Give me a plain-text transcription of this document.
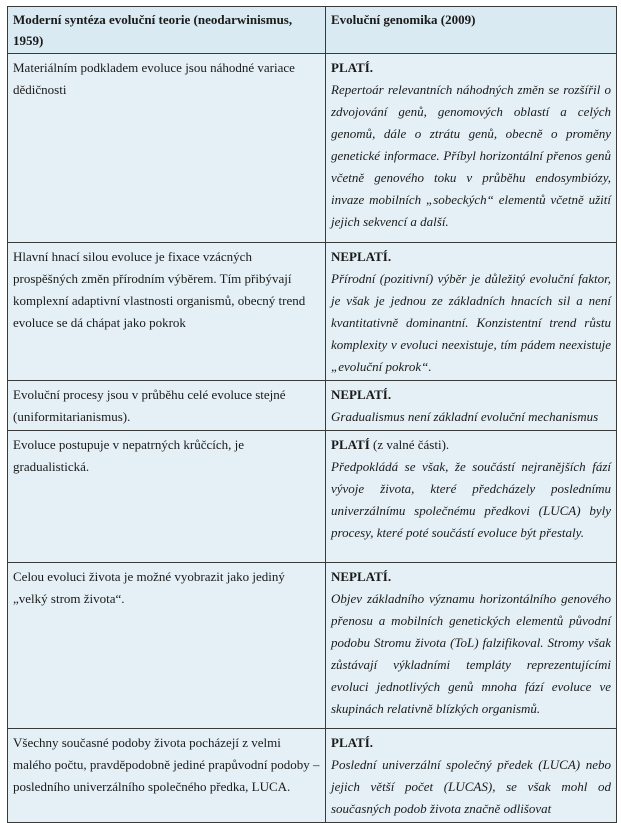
Moderní syntéza evoluční teorie (neodarwinismus, 1959)	Evoluční genomika (2009)
Materiálním podkladem evoluce jsou náhodné variace dědičnosti	PLATÍ.
Repertoár relevantních náhodných změn se rozšířil o zdvojování genů, genomových oblastí a celých genomů, dále o ztrátu genů, obecně o proměny genetické informace. Příbyl horizontální přenos genů včetně genového toku v průběhu endosymbiózy, invaze mobilních „sobeckých“ elementů včetně užití jejich sekvencí a další.

Hlavní hnací silou evoluce je fixace vzácných prospěšných změn přírodním výběrem. Tím přibývají komplexní adaptivní vlastnosti organismů, obecný trend evoluce se dá chápat jako pokrok	NEPLATÍ.
Přírodní (pozitivní) výběr je důležitý evoluční faktor, je však je jednou ze základních hnacích sil a není kvantitativně dominantní. Konzistentní trend růstu komplexity v evoluci neexistuje, tím pádem neexistuje „evoluční pokrok“.

Evoluční procesy jsou v průběhu celé evoluce stejné (uniformitarianismus).	NEPLATÍ.
Gradualismus není základní evoluční mechanismus

Evoluce postupuje v nepatrných krůčcích, je gradualistická.	PLATÍ (z valné části).
Předpokládá se však, že součástí nejranějších fází vývoje života, které předcházely poslednímu univerzálnímu společnému předkovi (LUCA) byly procesy, které poté součástí evoluce být přestaly.

Celou evoluci života je možné vyobrazit jako jediný „velký strom života“.	NEPLATÍ.
Objev základního významu horizontálního genového přenosu a mobilních genetických elementů původní podobu Stromu života (ToL) falzifikoval. Stromy však zůstávají výkladními templáty reprezentujícími evoluci jednotlivých genů mnoha fází evoluce ve skupinách relativně blízkých organismů.

Všechny současné podoby života pocházejí z velmi malého počtu, pravděpodobně jediné prapůvodní podoby – posledního univerzálního společného předka, LUCA.	PLATÍ.
Poslední univerzální společný předek (LUCA) nebo jejich větší počet (LUCAS), se však mohl od současných podob života značně odlišovat
